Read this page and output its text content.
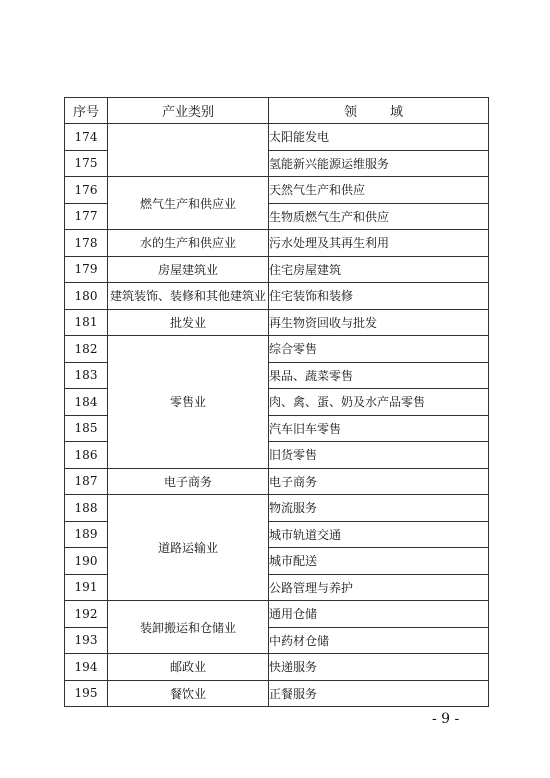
序号	产业类别	领　域
174		太阳能发电
175		氢能新兴能源运维服务
176	燃气生产和供应业	天然气生产和供应
177		生物质燃气生产和供应
178	水的生产和供应业	污水处理及其再生利用
179	房屋建筑业	住宅房屋建筑
180	建筑装饰、装修和其他建筑业	住宅装饰和装修
181	批发业	再生物资回收与批发
182	零售业	综合零售
183		果品、蔬菜零售
184		肉、禽、蛋、奶及水产品零售
185		汽车旧车零售
186		旧货零售
187	电子商务	电子商务
188	道路运输业	物流服务
189		城市轨道交通
190		城市配送
191		公路管理与养护
192	装卸搬运和仓储业	通用仓储
193		中药材仓储
194	邮政业	快递服务
195	餐饮业	正餐服务
- 9 -
